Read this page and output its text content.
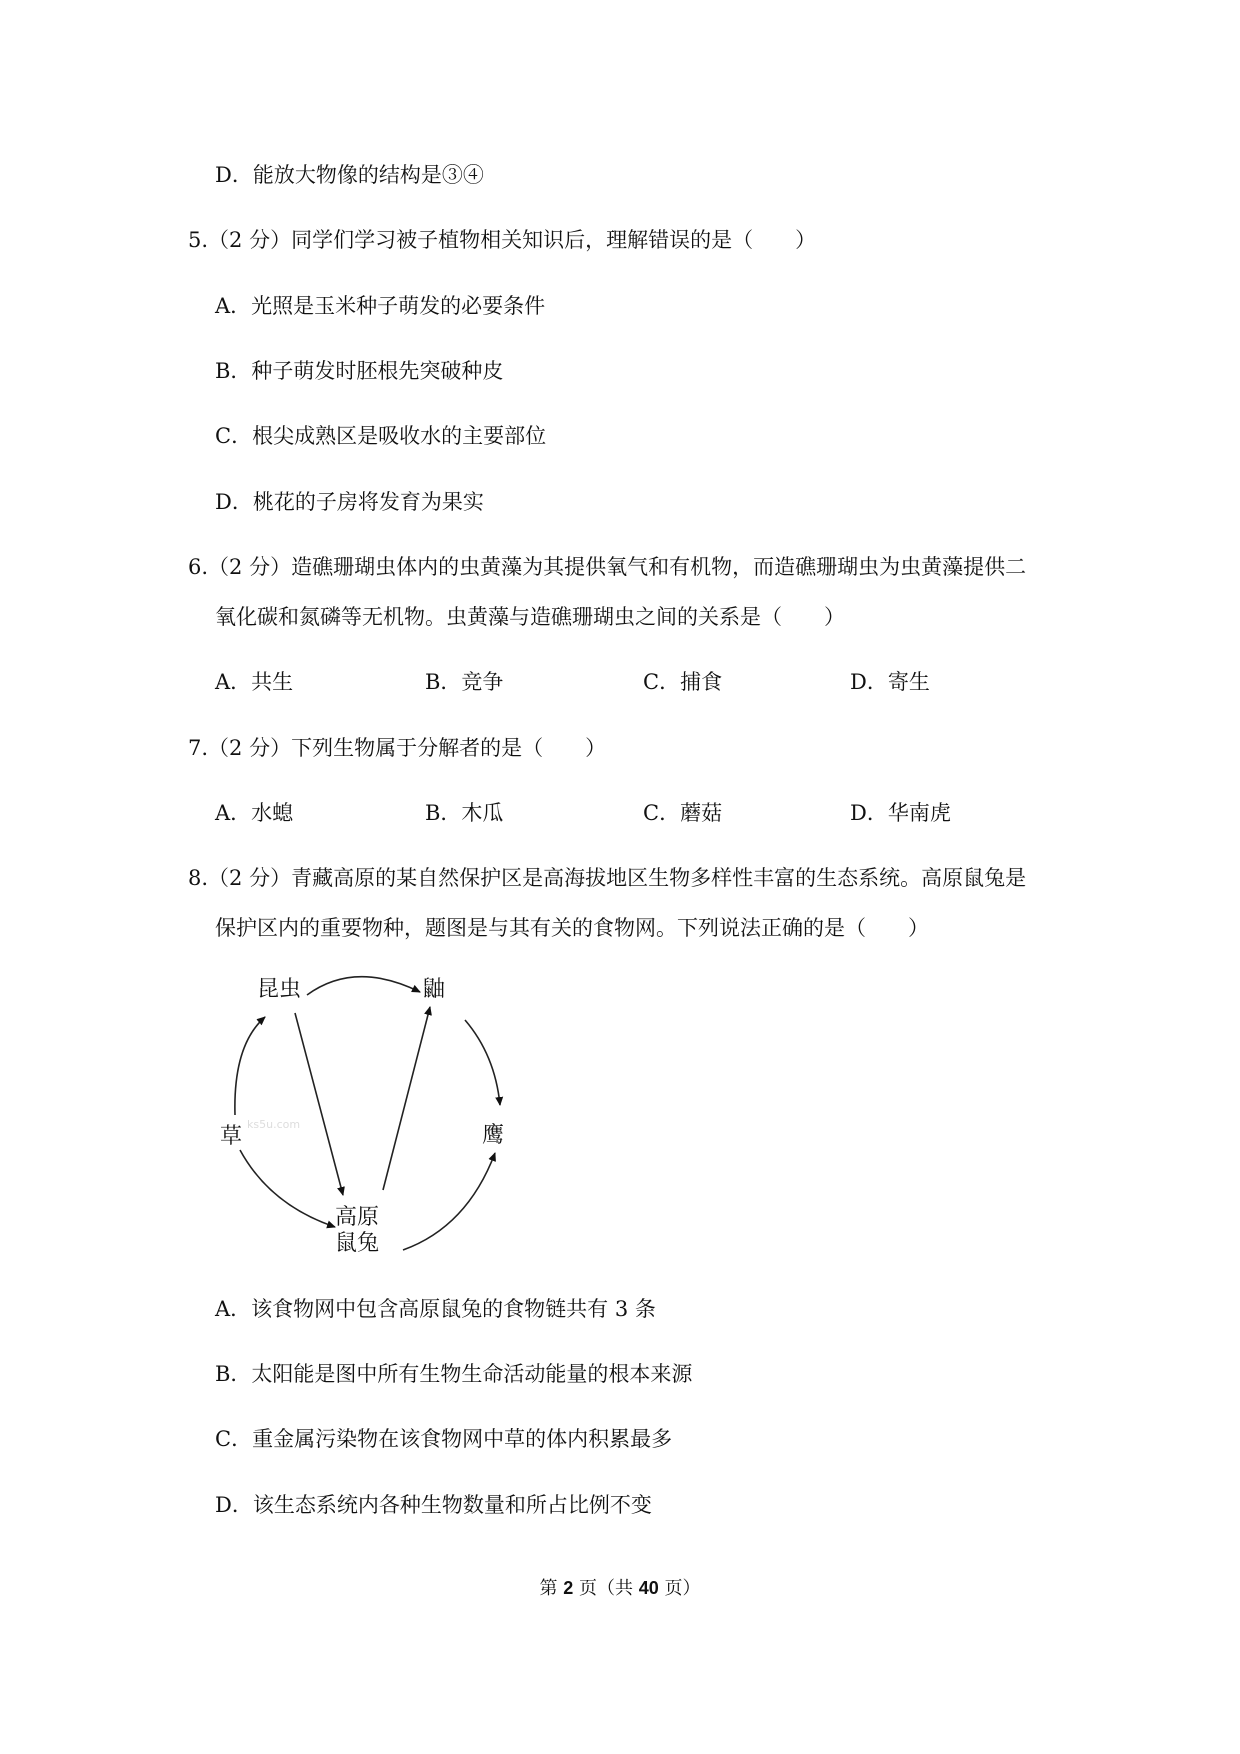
D．能放大物像的结构是③④
5.（2 分）同学们学习被子植物相关知识后，理解错误的是（　　）
A．光照是玉米种子萌发的必要条件
B．种子萌发时胚根先突破种皮
C．根尖成熟区是吸收水的主要部位
D．桃花的子房将发育为果实
6.（2 分）造礁珊瑚虫体内的虫黄藻为其提供氧气和有机物，而造礁珊瑚虫为虫黄藻提供二
氧化碳和氮磷等无机物。虫黄藻与造礁珊瑚虫之间的关系是（　　）
A．共生	B．竞争	C．捕食	D．寄生
7.（2 分）下列生物属于分解者的是（　　）
A．水螅	B．木瓜	C．蘑菇	D．华南虎
8.（2 分）青藏高原的某自然保护区是高海拔地区生物多样性丰富的生态系统。高原鼠兔是
保护区内的重要物种，题图是与其有关的食物网。下列说法正确的是（　　）
昆虫	鼬
草	鹰
高原
鼠兔
ks5u.com
A．该食物网中包含高原鼠兔的食物链共有 3 条
B．太阳能是图中所有生物生命活动能量的根本来源
C．重金属污染物在该食物网中草的体内积累最多
D．该生态系统内各种生物数量和所占比例不变
第 2 页（共 40 页）
